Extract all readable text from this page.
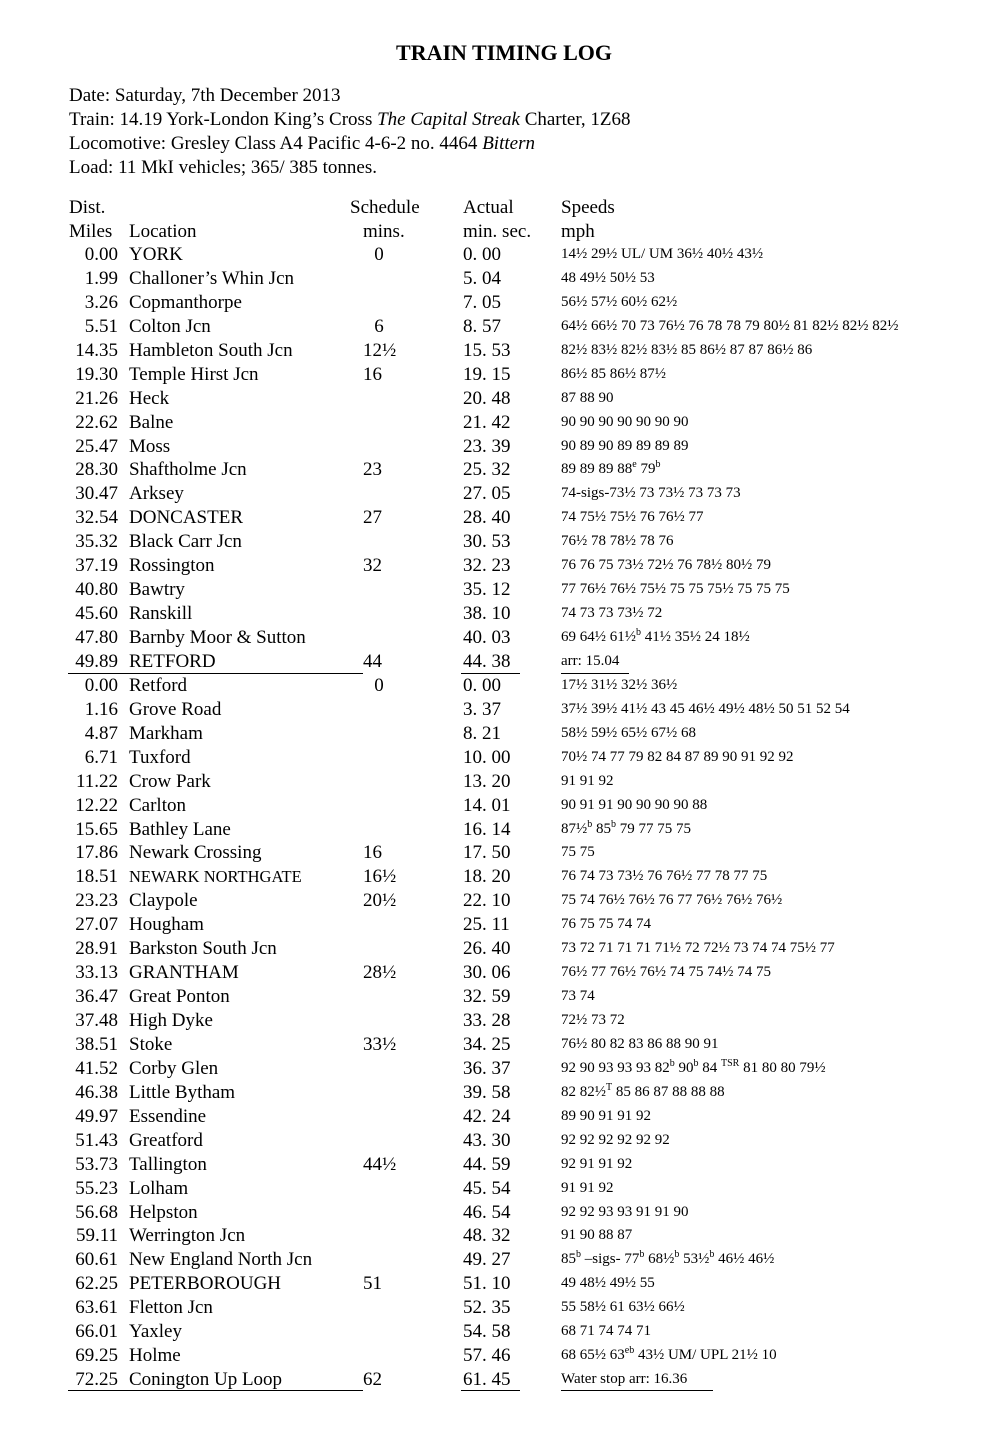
TRAIN TIMING LOG
Date: Saturday, 7th December 2013
Train: 14.19 York-London King’s Cross The Capital Streak Charter, 1Z68
Locomotive: Gresley Class A4 Pacific 4-6-2 no. 4464 Bittern
Load: 11 MkI vehicles; 365/ 385 tonnes.
Dist.
Miles Location
Schedule
mins.
Actual
min. sec.
Speeds
mph
0.00 YORK	0	0. 00	14½ 29½ UL/ UM 36½ 40½ 43½
1.99 Challoner’s Whin Jcn	5. 04	48 49½ 50½ 53
3.26 Copmanthorpe	7. 05	56½ 57½ 60½ 62½
5.51 Colton Jcn	6	8. 57	64½ 66½ 70 73 76½ 76 78 78 79 80½ 81 82½ 82½ 82½
14.35 Hambleton South Jcn	12½	15. 53	82½ 83½ 82½ 83½ 85 86½ 87 87 86½ 86
19.30 Temple Hirst Jcn	16	19. 15	86½ 85 86½ 87½
21.26 Heck	20. 48	87 88 90
22.62 Balne	21. 42	90 90 90 90 90 90 90
25.47 Moss	23. 39	90 89 90 89 89 89 89
28.30 Shaftholme Jcn	23	25. 32	89 89 89 88e 79$^b$
30.47 Arksey	27. 05	74-sigs-73½ 73 73½ 73 73 73
32.54 DONCASTER	27	28. 40	74 75½ 75½ 76 76½ 77
35.32 Black Carr Jcn	30. 53	76½ 78 78½ 78 76
37.19 Rossington	32	32. 23	76 76 75 73½ 72½ 76 78½ 80½ 79
40.80 Bawtry	35. 12	77 76½ 76½ 75½ 75 75 75½ 75 75 75
45.60 Ranskill	38. 10	74 73 73 73½ 72
47.80 Barnby Moor & Sutton	40. 03	69 64½ 61½$^b$ 41½ 35½ 24 18½
49.89 RETFORD	44	44. 38	arr: 15.04
0.00 Retford	0	0. 00	17½ 31½ 32½ 36½
1.16 Grove Road	3. 37	37½ 39½ 41½ 43 45 46½ 49½ 48½ 50 51 52 54
4.87 Markham	8. 21	58½ 59½ 65½ 67½ 68
6.71 Tuxford	10. 00	70½ 74 77 79 82 84 87 89 90 91 92 92
11.22 Crow Park	13. 20	91 91 92
12.22 Carlton	14. 01	90 91 91 90 90 90 90 88
15.65 Bathley Lane	16. 14	87½$^b$ 85$^b$ 79 77 75 75
17.86 Newark Crossing	16	17. 50	75 75
18.51 NEWARK NORTHGATE	16½	18. 20	76 74 73 73½ 76 76½ 77 78 77 75
23.23 Claypole	20½	22. 10	75 74 76½ 76½ 76 77 76½ 76½ 76½
27.07 Hougham	25. 11	76 75 75 74 74
28.91 Barkston South Jcn	26. 40	73 72 71 71 71 71½ 72 72½ 73 74 74 75½ 77
33.13 GRANTHAM	28½	30. 06	76½ 77 76½ 76½ 74 75 74½ 74 75
36.47 Great Ponton	32. 59	73 74
37.48 High Dyke	33. 28	72½ 73 72
38.51 Stoke	33½	34. 25	76½ 80 82 83 86 88 90 91
41.52 Corby Glen	36. 37	92 90 93 93 93 82$^b$ 90$^b$ 84 $^{TSR}$ 81 80 80 79½
46.38 Little Bytham	39. 58	82 82½$^T$ 85 86 87 88 88 88
49.97 Essendine	42. 24	89 90 91 91 92
51.43 Greatford	43. 30	92 92 92 92 92 92
53.73 Tallington	44½	44. 59	92 91 91 92
55.23 Lolham	45. 54	91 91 92
56.68 Helpston	46. 54	92 92 93 93 91 91 90
59.11 Werrington Jcn	48. 32	91 90 88 87
60.61 New England North Jcn	49. 27	85$^b$ –sigs- 77$^b$ 68½$^b$ 53½$^b$ 46½ 46½
62.25 PETERBOROUGH	51	51. 10	49 48½ 49½ 55
63.61 Fletton Jcn	52. 35	55 58½ 61 63½ 66½
66.01 Yaxley	54. 58	68 71 74 74 71
69.25 Holme	57. 46	68 65½ $63^{eb}$ 43½ UM/ UPL 21½ 10
72.25 Conington Up Loop	62	61. 45	Water stop arr: 16.36
